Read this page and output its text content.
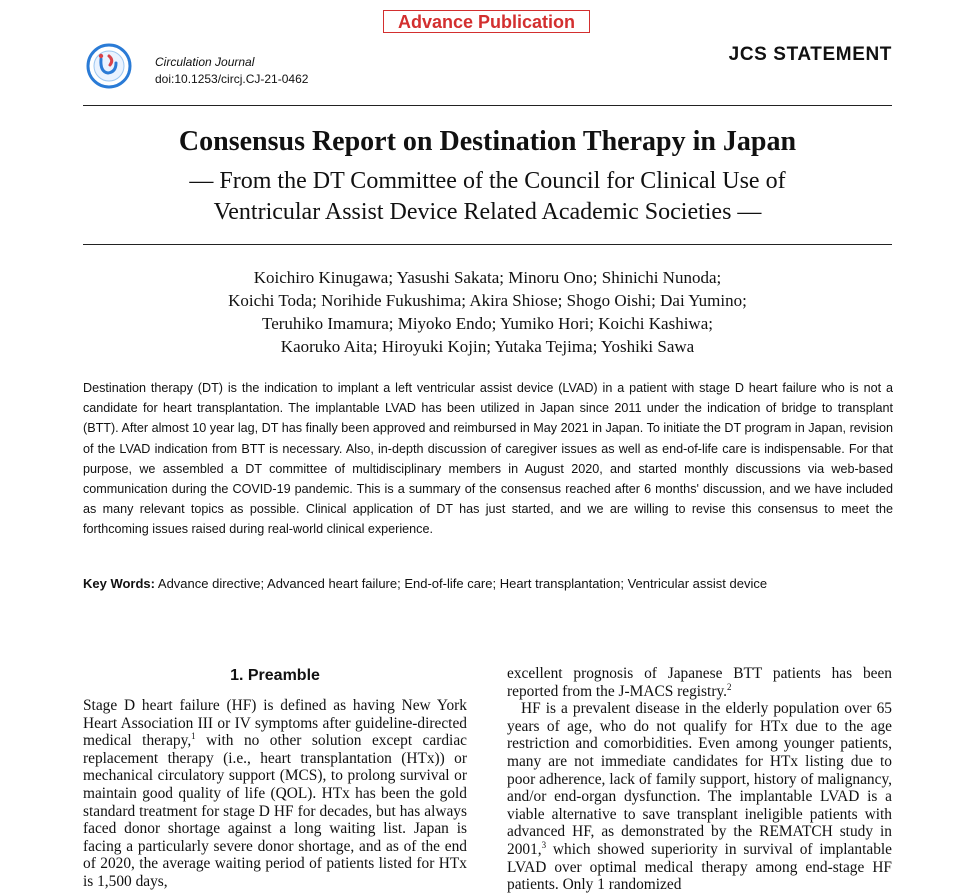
Advance Publication
Circulation Journal
doi:10.1253/circj.CJ-21-0462
JCS STATEMENT
Consensus Report on Destination Therapy in Japan
— From the DT Committee of the Council for Clinical Use of
Ventricular Assist Device Related Academic Societies —
Koichiro Kinugawa; Yasushi Sakata; Minoru Ono; Shinichi Nunoda;
Koichi Toda; Norihide Fukushima; Akira Shiose; Shogo Oishi; Dai Yumino;
Teruhiko Imamura; Miyoko Endo; Yumiko Hori; Koichi Kashiwa;
Kaoruko Aita; Hiroyuki Kojin; Yutaka Tejima; Yoshiki Sawa
Destination therapy (DT) is the indication to implant a left ventricular assist device (LVAD) in a patient with stage D heart failure who is not a candidate for heart transplantation. The implantable LVAD has been utilized in Japan since 2011 under the indication of bridge to transplant (BTT). After almost 10 year lag, DT has finally been approved and reimbursed in May 2021 in Japan. To initiate the DT program in Japan, revision of the LVAD indication from BTT is necessary. Also, in-depth discussion of caregiver issues as well as end-of-life care is indispensable. For that purpose, we assembled a DT committee of multidisciplinary members in August 2020, and started monthly discussions via web-based communication during the COVID-19 pandemic. This is a summary of the consensus reached after 6 months' discussion, and we have included as many relevant topics as possible. Clinical application of DT has just started, and we are willing to revise this consensus to meet the forthcoming issues raised during real-world clinical experience.
Key Words: Advance directive; Advanced heart failure; End-of-life care; Heart transplantation; Ventricular assist device
1. Preamble

Stage D heart failure (HF) is defined as having New York Heart Association III or IV symptoms after guideline-directed medical therapy,$^1$ with no other solution except cardiac replacement therapy (i.e., heart transplantation (HTx)) or mechanical circulatory support (MCS), to prolong survival or maintain good quality of life (QOL). HTx has been the gold standard treatment for stage D HF for decades, but has always faced donor shortage against a long waiting list. Japan is facing a particularly severe donor shortage, and as of the end of 2020, the average waiting period of patients listed for HTx is 1,500 days,

excellent prognosis of Japanese BTT patients has been reported from the J-MACS registry.$^2$

HF is a prevalent disease in the elderly population over 65 years of age, who do not qualify for HTx due to the age restriction and comorbidities. Even among younger patients, many are not immediate candidates for HTx listing due to poor adherence, lack of family support, history of malignancy, and/or end-organ dysfunction. The implantable LVAD is a viable alternative to save transplant ineligible patients with advanced HF, as demonstrated by the REMATCH study in 2001,$^3$ which showed superiority in survival of implantable LVAD over optimal medical therapy among end-stage HF patients. Only 1 randomized
